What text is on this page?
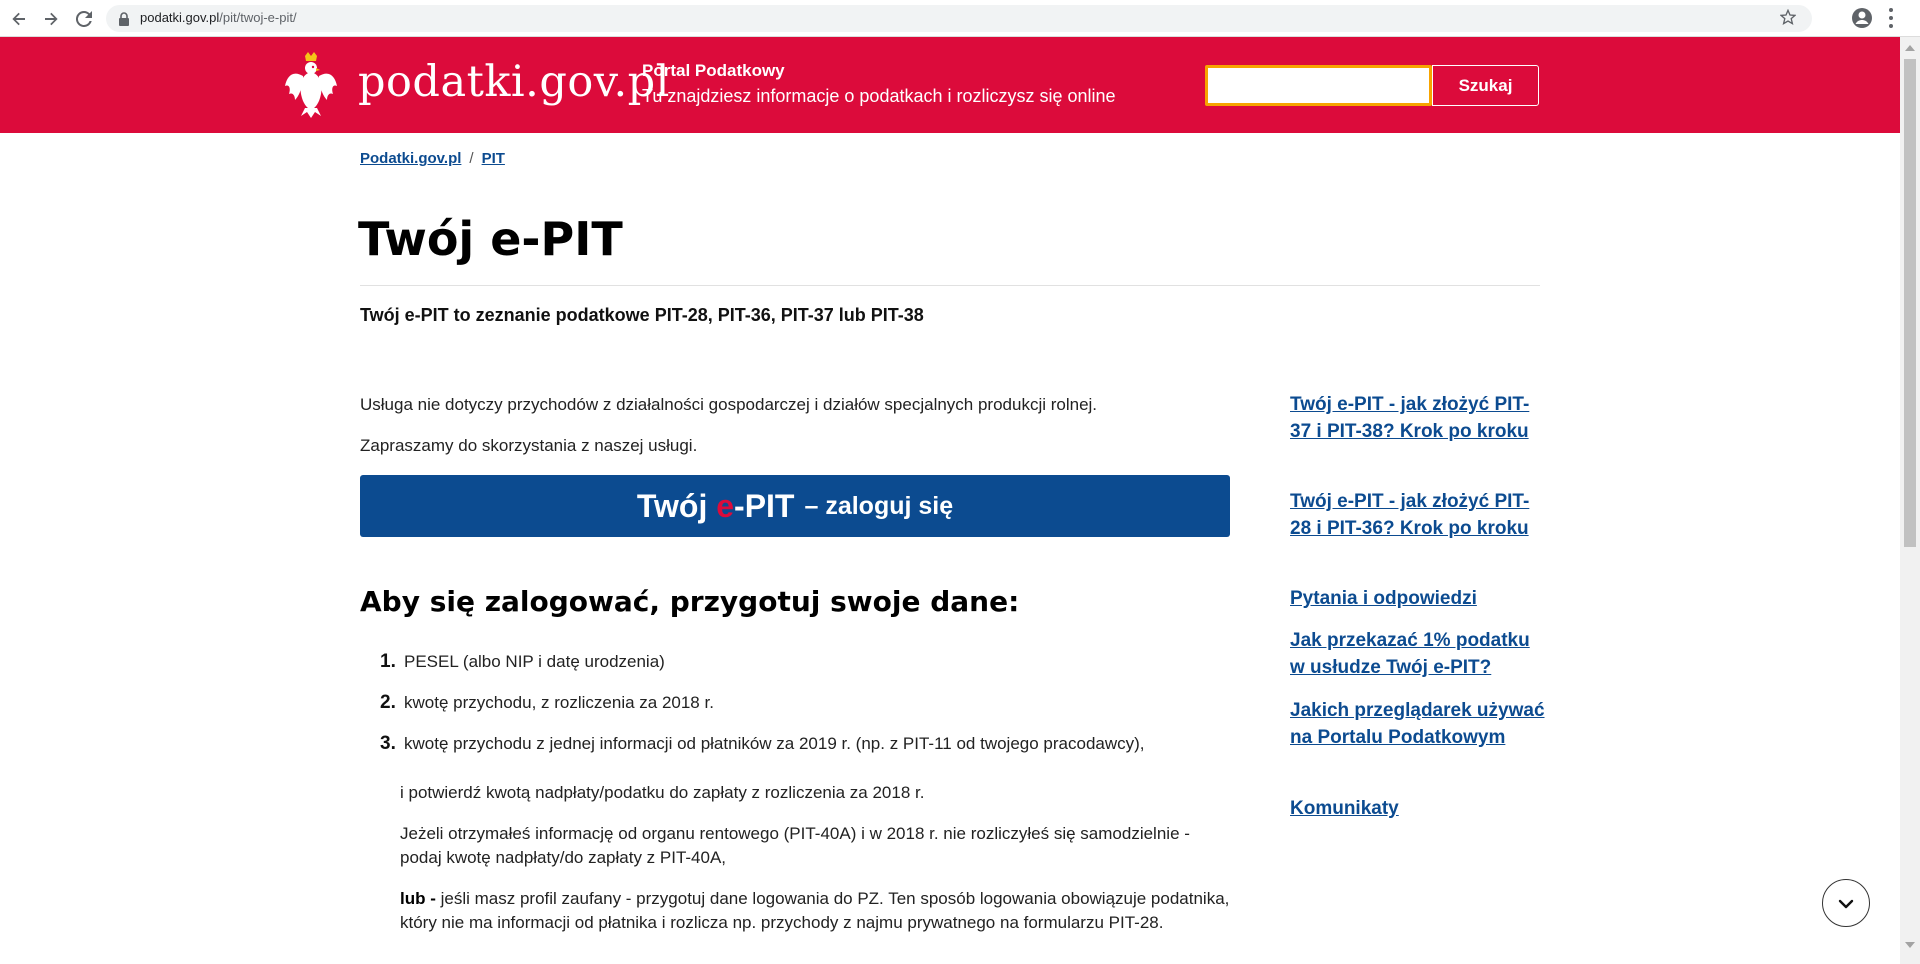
podatki.gov.pl/pit/twoj-e-pit/
podatki.gov.pl
Portal Podatkowy
Tu znajdziesz informacje o podatkach i rozliczysz się online
Szukaj
Podatki.gov.pl / PIT
Twój e-PIT
Twój e-PIT to zeznanie podatkowe PIT-28, PIT-36, PIT-37 lub PIT-38
Usługa nie dotyczy przychodów z działalności gospodarczej i działów specjalnych produkcji rolnej.
Zapraszamy do skorzystania z naszej usługi.
Twój e-PIT – zaloguj się
Aby się zalogować, przygotuj swoje dane:
1. PESEL (albo NIP i datę urodzenia)
2. kwotę przychodu, z rozliczenia za 2018 r.
3. kwotę przychodu z jednej informacji od płatników za 2019 r. (np. z PIT-11 od twojego pracodawcy),
i potwierdź kwotą nadpłaty/podatku do zapłaty z rozliczenia za 2018 r.
Jeżeli otrzymałeś informację od organu rentowego (PIT-40A) i w 2018 r. nie rozliczyłeś się samodzielnie - podaj kwotę nadpłaty/do zapłaty z PIT-40A,
lub - jeśli masz profil zaufany - przygotuj dane logowania do PZ. Ten sposób logowania obowiązuje podatnika, który nie ma informacji od płatnika i rozlicza np. przychody z najmu prywatnego na formularzu PIT-28.
Twój e-PIT - jak złożyć PIT-37 i PIT-38? Krok po kroku
Twój e-PIT - jak złożyć PIT-28 i PIT-36? Krok po kroku
Pytania i odpowiedzi
Jak przekazać 1% podatku w usłudze Twój e-PIT?
Jakich przeglądarek używać na Portalu Podatkowym
Komunikaty
